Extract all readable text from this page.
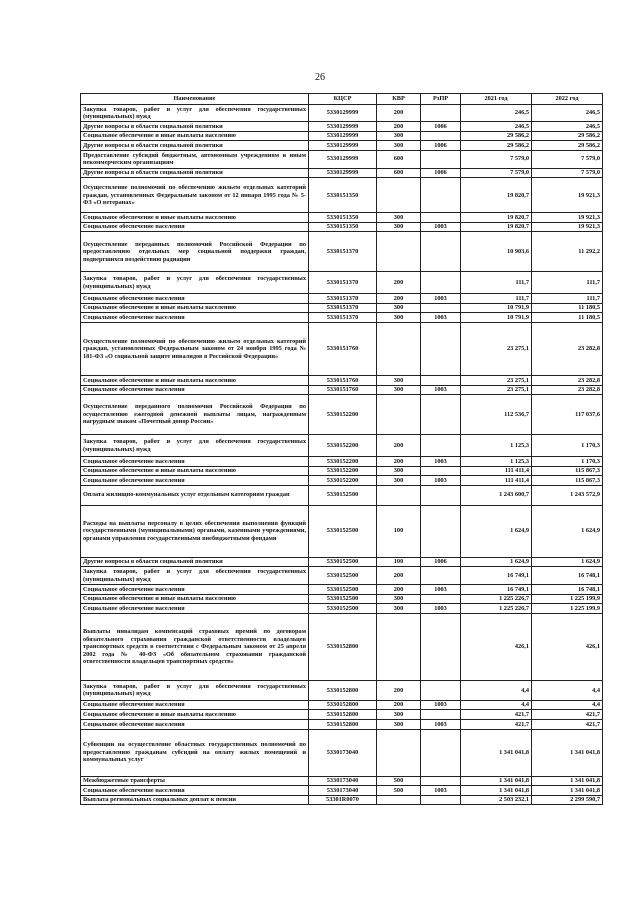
26
Наименование	КЦСР	КВР	РзПР	2021 год	2022 год
Закупка товаров, работ и услуг для обеспечения государственных (муниципальных) нужд	5330129999	200		246,5	246,5
Другие вопросы в области социальной политики	5330129999	200	1006	246,5	246,5
Социальное обеспечение и иные выплаты населению	5330129999	300		29 586,2	29 586,2
Другие вопросы в области социальной политики	5330129999	300	1006	29 586,2	29 586,2
Предоставление субсидий бюджетным, автономным учреждениям и иным некоммерческим организациям	5330129999	600		7 579,0	7 579,0
Другие вопросы в области социальной политики	5330129999	600	1006	7 579,0	7 579,0
Осуществление полномочий по обеспечению жильем отдельных категорий граждан, установленных Федеральным законом от 12 января 1995 года № 5-ФЗ «О ветеранах»	5330151350			19 820,7	19 921,3
Социальное обеспечение и иные выплаты населению	5330151350	300		19 820,7	19 921,3
Социальное обеспечение населения	5330151350	300	1003	19 820,7	19 921,3
Осуществление переданных полномочий Российской Федерации по предоставлению отдельных мер социальной поддержки граждан, подвергшихся воздействию радиации	5330151370			10 903,6	11 292,2
Закупка товаров, работ и услуг для обеспечения государственных (муниципальных) нужд	5330151370	200		111,7	111,7
Социальное обеспечение населения	5330151370	200	1003	111,7	111,7
Социальное обеспечение и иные выплаты населению	5330151370	300		10 791,9	11 180,5
Социальное обеспечение населения	5330151370	300	1003	10 791,9	11 180,5
Осуществление полномочий по обеспечению жильем отдельных категорий граждан, установленных Федеральным законом от 24 ноября 1995 года № 181-ФЗ «О социальной защите инвалидов в Российской Федерации»	5330151760			23 275,1	23 282,8
Социальное обеспечение и иные выплаты населению	5330151760	300		23 275,1	23 282,8
Социальное обеспечение населения	5330151760	300	1003	23 275,1	23 282,8
Осуществление переданного полномочия Российской Федерации по осуществлению ежегодной денежной выплаты лицам, награжденным нагрудным знаком «Почетный донор России»	5330152200			112 536,7	117 037,6
Закупка товаров, работ и услуг для обеспечения государственных (муниципальных) нужд	5330152200	200		1 125,3	1 170,3
Социальное обеспечение населения	5330152200	200	1003	1 125,3	1 170,3
Социальное обеспечение и иные выплаты населению	5330152200	300		111 411,4	115 867,3
Социальное обеспечение населения	5330152200	300	1003	111 411,4	115 867,3
Оплата жилищно-коммунальных услуг отдельным категориям граждан	5330152500			1 243 600,7	1 243 572,9
Расходы на выплаты персоналу в целях обеспечения выполнения функций государственными (муниципальными) органами, казенными учреждениями, органами управления государственными внебюджетными фондами	5330152500	100		1 624,9	1 624,9
Другие вопросы в области социальной политики	5330152500	100	1006	1 624,9	1 624,9
Закупка товаров, работ и услуг для обеспечения государственных (муниципальных) нужд	5330152500	200		16 749,1	16 748,1
Социальное обеспечение населения	5330152500	200	1003	16 749,1	16 748,1
Социальное обеспечение и иные выплаты населению	5330152500	300		1 225 226,7	1 225 199,9
Социальное обеспечение населения	5330152500	300	1003	1 225 226,7	1 225 199,9
Выплаты инвалидам компенсаций страховых премий по договорам обязательного страхования гражданской ответственности владельцев транспортных средств в соответствии с Федеральным законом от 25 апреля 2002 года № 40-ФЗ «Об обязательном страховании гражданской ответственности владельцев транспортных средств»	5330152800			426,1	426,1
Закупка товаров, работ и услуг для обеспечения государственных (муниципальных) нужд	5330152800	200		4,4	4,4
Социальное обеспечение населения	5330152800	200	1003	4,4	4,4
Социальное обеспечение и иные выплаты населению	5330152800	300		421,7	421,7
Социальное обеспечение населения	5330152800	300	1003	421,7	421,7
Субвенции на осуществление областных государственных полномочий по предоставлению гражданам субсидий на оплату жилых помещений и коммунальных услуг	5330173040			1 341 041,8	1 341 041,8
Межбюджетные трансферты	5330173040	500		1 341 041,8	1 341 041,8
Социальное обеспечение населения	5330173040	500	1003	1 341 041,8	1 341 041,8
Выплата региональных социальных доплат к пенсии	53301R0070			2 503 232,1	2 299 590,7
